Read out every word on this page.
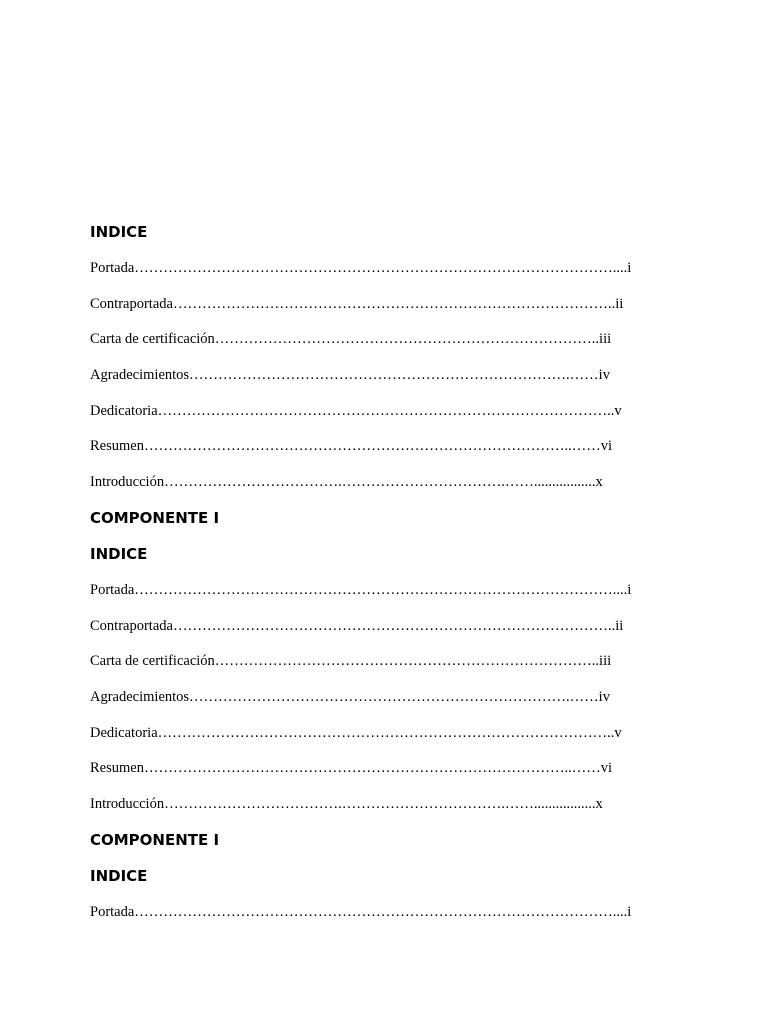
INDICE
Portada………………………………………………………………………………………....i
Contraportada………………………………………………………………………………..ii
Carta de certificación……………………………………………………………………..iii
Agradecimientos…………………………………………………………………….……iv
Dedicatoria…………………………………………………………………………………..v
Resumen……………………………………………………………………………..……vi
Introducción……………………………….…………………………….…….................x
COMPONENTE I
INDICE
Portada………………………………………………………………………………………....i
Contraportada………………………………………………………………………………..ii
Carta de certificación……………………………………………………………………..iii
Agradecimientos…………………………………………………………………….……iv
Dedicatoria…………………………………………………………………………………..v
Resumen……………………………………………………………………………..……vi
Introducción……………………………….…………………………….…….................x
COMPONENTE I
INDICE
Portada………………………………………………………………………………………....i
